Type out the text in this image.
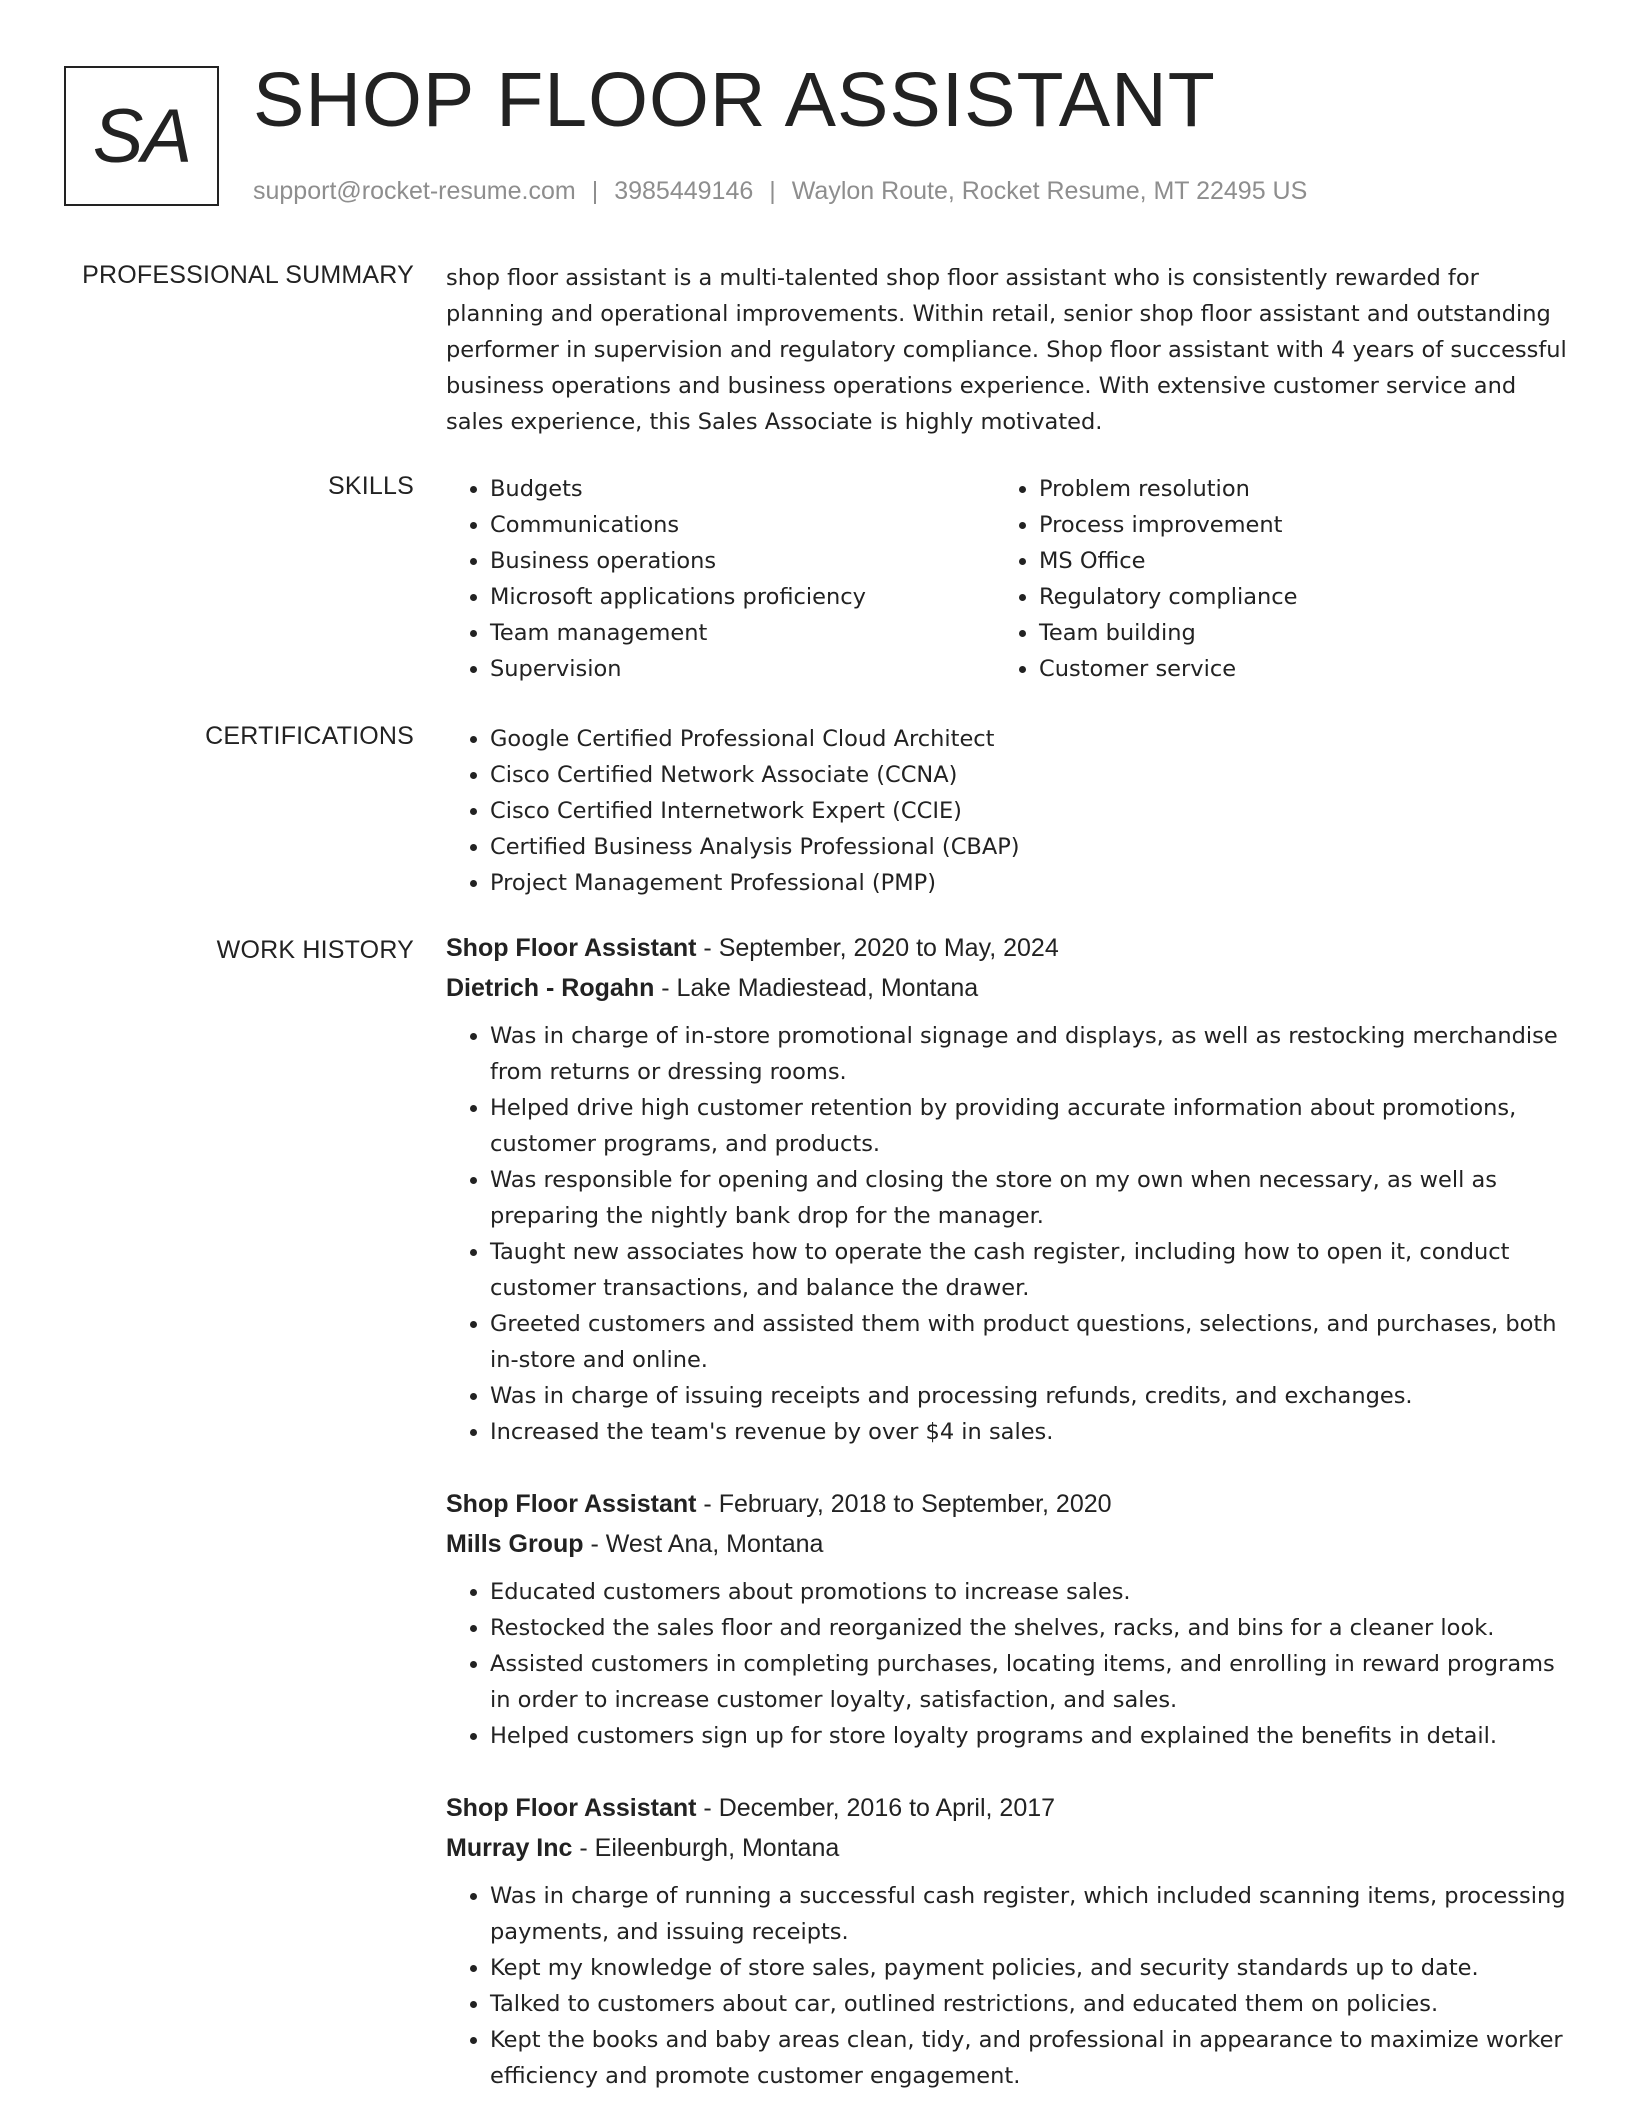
SA SHOP FLOOR ASSISTANT
support@rocket-resume.com | 3985449146 | Waylon Route, Rocket Resume, MT 22495 US
PROFESSIONAL SUMMARY shop floor assistant is a multi-talented shop floor assistant who is consistently rewarded for planning and operational improvements. Within retail, senior shop floor assistant and outstanding performer in supervision and regulatory compliance. Shop floor assistant with 4 years of successful business operations and business operations experience. With extensive customer service and sales experience, this Sales Associate is highly motivated.

SKILLS	• Budgets
• Communications
• Business operations
• Microsoft applications proficiency
• Team management
• Supervision
• Problem resolution
• Process improvement
• MS Office
• Regulatory compliance
• Team building
• Customer service
CERTIFICATIONS	• Google Certified Professional Cloud Architect
• Cisco Certified Network Associate (CCNA)
• Cisco Certified Internetwork Expert (CCIE)
• Certified Business Analysis Professional (CBAP)
• Project Management Professional (PMP)
WORK HISTORY Shop Floor Assistant - September, 2020 to May, 2024
Dietrich - Rogahn - Lake Madiestead, Montana
• Was in charge of in-store promotional signage and displays, as well as restocking merchandise from returns or dressing rooms.
• Helped drive high customer retention by providing accurate information about promotions, customer programs, and products.
• Was responsible for opening and closing the store on my own when necessary, as well as preparing the nightly bank drop for the manager.
• Taught new associates how to operate the cash register, including how to open it, conduct customer transactions, and balance the drawer.
• Greeted customers and assisted them with product questions, selections, and purchases, both in-store and online.
• Was in charge of issuing receipts and processing refunds, credits, and exchanges.
• Increased the team's revenue by over $4 in sales.
Shop Floor Assistant - February, 2018 to September, 2020
Mills Group - West Ana, Montana
• Educated customers about promotions to increase sales.
• Restocked the sales floor and reorganized the shelves, racks, and bins for a cleaner look.
• Assisted customers in completing purchases, locating items, and enrolling in reward programs in order to increase customer loyalty, satisfaction, and sales.
• Helped customers sign up for store loyalty programs and explained the benefits in detail.
Shop Floor Assistant - December, 2016 to April, 2017
Murray Inc - Eileenburgh, Montana
• Was in charge of running a successful cash register, which included scanning items, processing payments, and issuing receipts.
• Kept my knowledge of store sales, payment policies, and security standards up to date.
• Talked to customers about car, outlined restrictions, and educated them on policies.
• Kept the books and baby areas clean, tidy, and professional in appearance to maximize worker efficiency and promote customer engagement.
